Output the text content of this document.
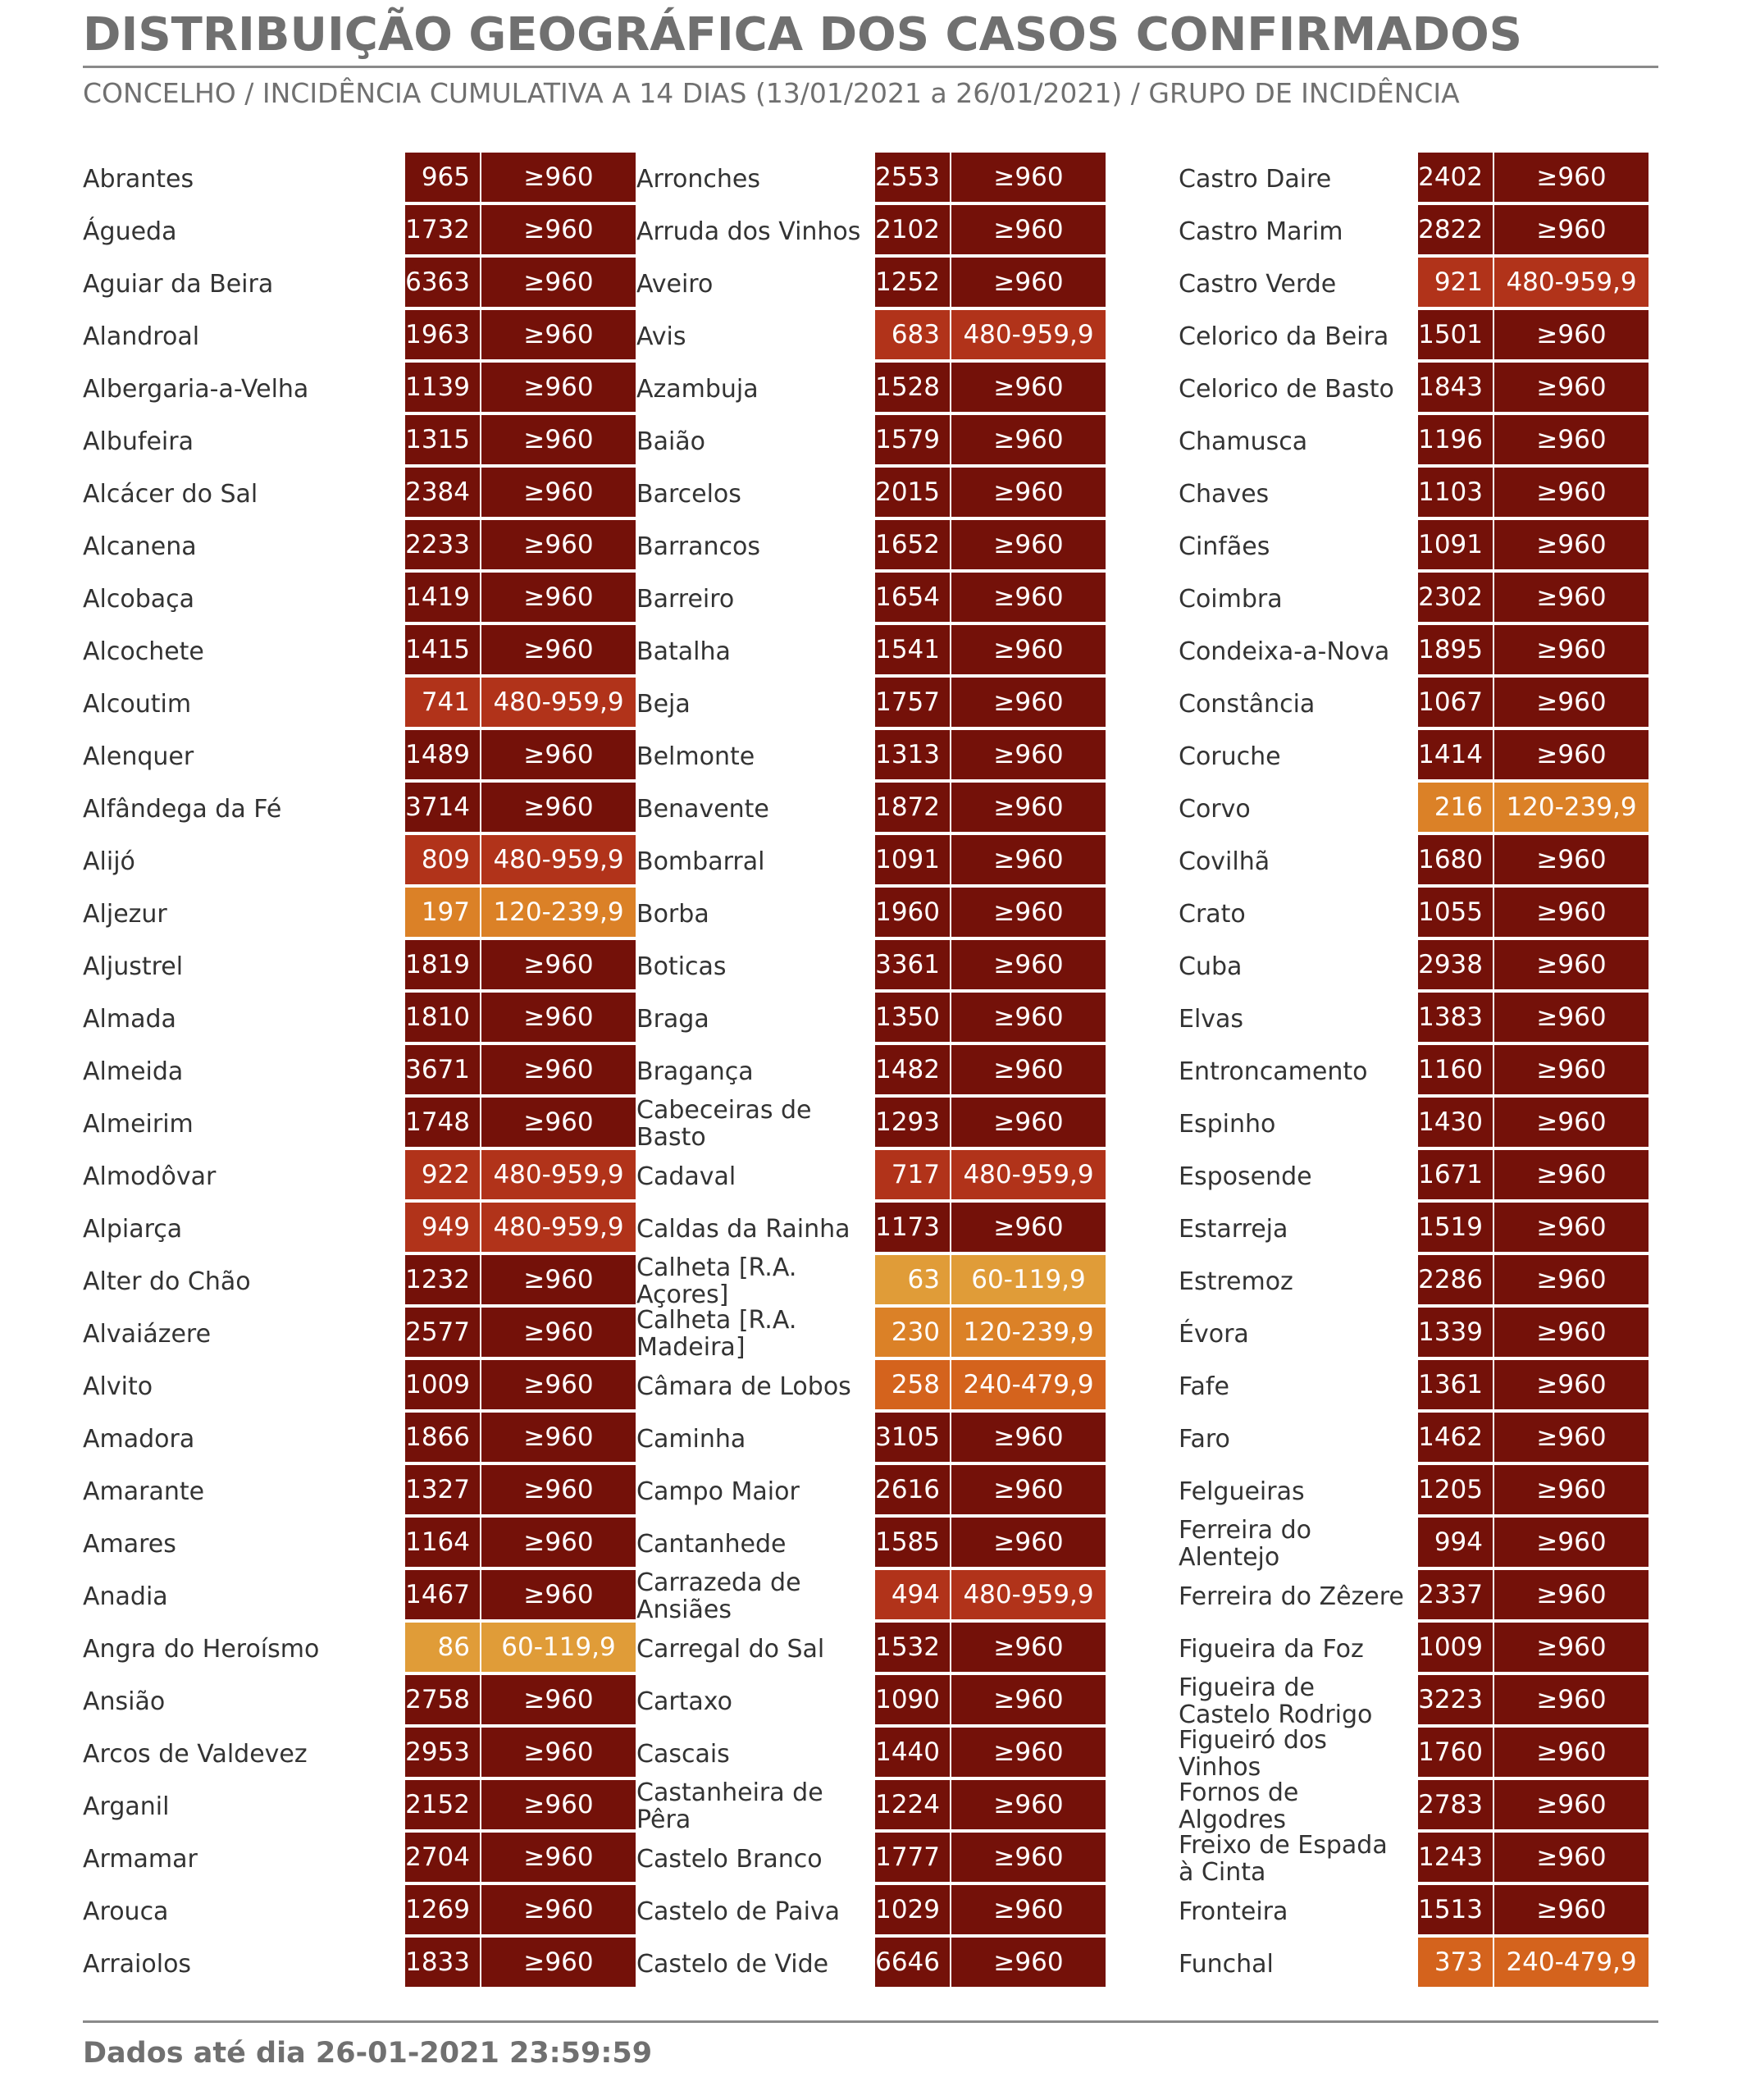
DISTRIBUIÇÃO GEOGRÁFICA DOS CASOS CONFIRMADOS
CONCELHO / INCIDÊNCIA CUMULATIVA A 14 DIAS (13/01/2021 a 26/01/2021) / GRUPO DE INCIDÊNCIA
Abrantes	965	≥960
Águeda	1732	≥960
Aguiar da Beira	6363	≥960
Alandroal	1963	≥960
Albergaria-a-Velha	1139	≥960
Albufeira	1315	≥960
Alcácer do Sal	2384	≥960
Alcanena	2233	≥960
Alcobaça	1419	≥960
Alcochete	1415	≥960
Alcoutim	741 480-959,9
Alenquer	1489	≥960
Alfândega da Fé	3714	≥960
Alijó	809 480-959,9
Aljezur	197 120-239,9
Aljustrel	1819	≥960
Almada	1810	≥960
Almeida	3671	≥960
Almeirim	1748	≥960
Almodôvar	922 480-959,9
Alpiarça	949 480-959,9
Alter do Chão	1232	≥960
Alvaiázere	2577	≥960
Alvito	1009	≥960
Amadora	1866	≥960
Amarante	1327	≥960
Amares	1164	≥960
Anadia	1467	≥960
Angra do Heroísmo	86	60-119,9
Ansião	2758	≥960
Arcos de Valdevez	2953	≥960
Arganil	2152	≥960
Armamar	2704	≥960
Arouca	1269	≥960
Arraiolos	1833	≥960
Arronches	2553	≥960
Arruda dos Vinhos 2102	≥960
Aveiro	1252	≥960
Avis	683 480-959,9
Azambuja	1528	≥960
Baião	1579	≥960
Barcelos	2015	≥960
Barrancos	1652	≥960
Barreiro	1654	≥960
Batalha	1541	≥960
Beja	1757	≥960
Belmonte	1313	≥960
Benavente	1872	≥960
Bombarral	1091	≥960
Borba	1960	≥960
Boticas	3361	≥960
Braga	1350	≥960
Bragança	1482	≥960
Cabeceiras de Basto
1293	≥960
Cadaval	717 480-959,9
Caldas da Rainha 1173	≥960
Calheta [R.A. Açores]
63	60-119,9
Calheta [R.A. Madeira]
230 120-239,9
Câmara de Lobos	258 240-479,9
Caminha	3105	≥960
Campo Maior	2616	≥960
Cantanhede	1585	≥960
Carrazeda de Ansiães
494 480-959,9
Carregal do Sal	1532	≥960
Cartaxo	1090	≥960
Cascais	1440	≥960
Castanheira de Pêra
1224	≥960
Castelo Branco	1777	≥960
Castelo de Paiva	1029	≥960
Castelo de Vide	6646	≥960
Castro Daire	2402	≥960
Castro Marim	2822	≥960
Castro Verde	921 480-959,9
Celorico da Beira	1501	≥960
Celorico de Basto 1843	≥960
Chamusca	1196	≥960
Chaves	1103	≥960
Cinfães	1091	≥960
Coimbra	2302	≥960
Condeixa-a-Nova	1895	≥960
Constância	1067	≥960
Coruche	1414	≥960
Corvo	216 120-239,9
Covilhã	1680	≥960
Crato	1055	≥960
Cuba	2938	≥960
Elvas	1383	≥960
Entroncamento	1160	≥960
Espinho	1430	≥960
Esposende	1671	≥960
Estarreja	1519	≥960
Estremoz	2286	≥960
Évora	1339	≥960
Fafe	1361	≥960
Faro	1462	≥960
Felgueiras	1205	≥960
Ferreira do Alentejo
994	≥960
Ferreira do Zêzere 2337	≥960
Figueira da Foz	1009	≥960
Figueira de Castelo Rodrigo
3223	≥960
Figueiró dos Vinhos
1760	≥960
Fornos de Algodres
2783	≥960
Freixo de Espada à Cinta
1243	≥960
Fronteira	1513	≥960
Funchal	373 240-479,9
Dados até dia 26-01-2021 23:59:59
